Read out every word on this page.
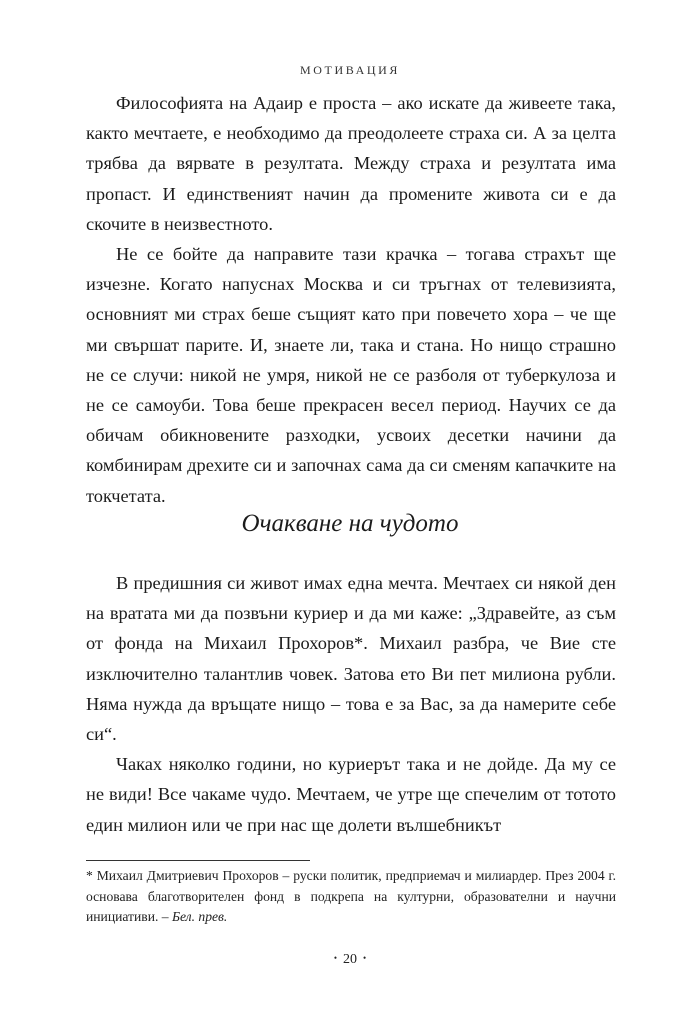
МОТИВАЦИЯ

Философията на Адаир е проста – ако искате да живеете така, както мечтаете, е необходимо да преодолеете страха си. А за целта трябва да вярвате в резултата. Между страха и резултата има пропаст. И единственият начин да промените живота си е да скочите в неизвестното.

Не се бойте да направите тази крачка – тогава страхът ще изчезне. Когато напуснах Москва и си тръгнах от телевизията, основният ми страх беше същият като при повечето хора – че ще ми свършат парите. И, знаете ли, така и стана. Но нищо страшно не се случи: никой не умря, никой не се разболя от туберкулоза и не се самоуби. Това беше прекрасен весел период. Научих се да обичам обикновените разходки, усвоих десетки начини да комбинирам дрехите си и започнах сама да си сменям капачките на токчетата.

Очакване на чудото

В предишния си живот имах една мечта. Мечтаех си някой ден на вратата ми да позвъни куриер и да ми каже: „Здравейте, аз съм от фонда на Михаил Прохоров*. Михаил разбра, че Вие сте изключително талантлив човек. Затова ето Ви пет милиона рубли. Няма нужда да връщате нищо – това е за Вас, за да намерите себе си“.

Чаках няколко години, но куриерът така и не дойде. Да му се не види! Все чакаме чудо. Мечтаем, че утре ще спечелим от тотото един милион или че при нас ще долети вълшебникът

* Михаил Дмитриевич Прохоров – руски политик, предприемач и милиардер. През 2004 г. основава благотворителен фонд в подкрепа на културни, образователни и научни инициативи. – Бел. прев.
• 20 •
